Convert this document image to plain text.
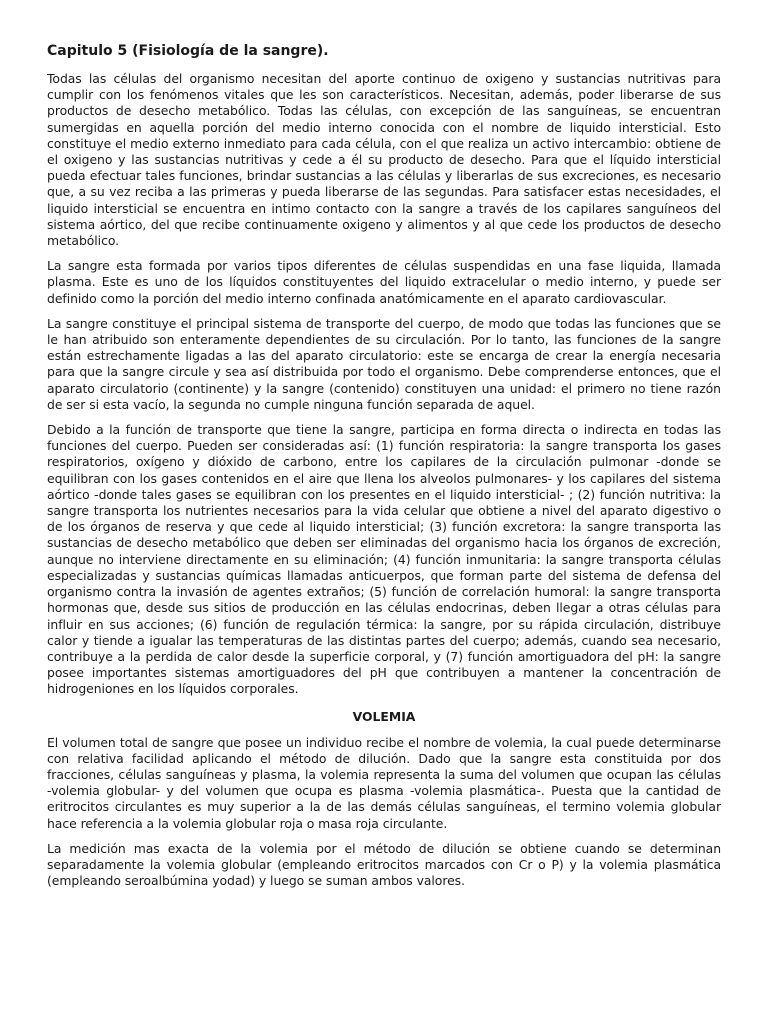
Capitulo 5 (Fisiología de la sangre).

Todas las células del organismo necesitan del aporte continuo de oxigeno y sustancias nutritivas para cumplir con los fenómenos vitales que les son característicos. Necesitan, además, poder liberarse de sus productos de desecho metabólico. Todas las células, con excepción de las sanguíneas, se encuentran sumergidas en aquella porción del medio interno conocida con el nombre de liquido intersticial. Esto constituye el medio externo inmediato para cada célula, con el que realiza un activo intercambio: obtiene de el oxigeno y las sustancias nutritivas y cede a él su producto de desecho. Para que el líquido intersticial pueda efectuar tales funciones, brindar sustancias a las células y liberarlas de sus excreciones, es necesario que, a su vez reciba a las primeras y pueda liberarse de las segundas. Para satisfacer estas necesidades, el liquido intersticial se encuentra en intimo contacto con la sangre a través de los capilares sanguíneos del sistema aórtico, del que recibe continuamente oxigeno y alimentos y al que cede los productos de desecho metabólico.

La sangre esta formada por varios tipos diferentes de células suspendidas en una fase liquida, llamada plasma. Este es uno de los líquidos constituyentes del liquido extracelular o medio interno, y puede ser definido como la porción del medio interno confinada anatómicamente en el aparato cardiovascular.

La sangre constituye el principal sistema de transporte del cuerpo, de modo que todas las funciones que se le han atribuido son enteramente dependientes de su circulación. Por lo tanto, las funciones de la sangre están estrechamente ligadas a las del aparato circulatorio: este se encarga de crear la energía necesaria para que la sangre circule y sea así distribuida por todo el organismo. Debe comprenderse entonces, que el aparato circulatorio (continente) y la sangre (contenido) constituyen una unidad: el primero no tiene razón de ser si esta vacío, la segunda no cumple ninguna función separada de aquel.

Debido a la función de transporte que tiene la sangre, participa en forma directa o indirecta en todas las funciones del cuerpo. Pueden ser consideradas así: (1) función respiratoria: la sangre transporta los gases respiratorios, oxígeno y dióxido de carbono, entre los capilares de la circulación pulmonar -donde se equilibran con los gases contenidos en el aire que llena los alveolos pulmonares- y los capilares del sistema aórtico -donde tales gases se equilibran con los presentes en el liquido intersticial- ; (2) función nutritiva: la sangre transporta los nutrientes necesarios para la vida celular que obtiene a nivel del aparato digestivo o de los órganos de reserva y que cede al liquido intersticial; (3) función excretora: la sangre transporta las sustancias de desecho metabólico que deben ser eliminadas del organismo hacia los órganos de excreción, aunque no interviene directamente en su eliminación; (4) función inmunitaria: la sangre transporta células especializadas y sustancias químicas llamadas anticuerpos, que forman parte del sistema de defensa del organismo contra la invasión de agentes extraños; (5) función de correlación humoral: la sangre transporta hormonas que, desde sus sitios de producción en las células endocrinas, deben llegar a otras células para influir en sus acciones; (6) función de regulación térmica: la sangre, por su rápida circulación, distribuye calor y tiende a igualar las temperaturas de las distintas partes del cuerpo; además, cuando sea necesario, contribuye a la perdida de calor desde la superficie corporal, y (7) función amortiguadora del pH: la sangre posee importantes sistemas amortiguadores del pH que contribuyen a mantener la concentración de hidrogeniones en los líquidos corporales.

VOLEMIA

El volumen total de sangre que posee un individuo recibe el nombre de volemia, la cual puede determinarse con relativa facilidad aplicando el método de dilución. Dado que la sangre esta constituida por dos fracciones, células sanguíneas y plasma, la volemia representa la suma del volumen que ocupan las células -volemia globular- y del volumen que ocupa es plasma -volemia plasmática-. Puesta que la cantidad de eritrocitos circulantes es muy superior a la de las demás células sanguíneas, el termino volemia globular hace referencia a la volemia globular roja o masa roja circulante.

La medición mas exacta de la volemia por el método de dilución se obtiene cuando se determinan separadamente la volemia globular (empleando eritrocitos marcados con Cr o P) y la volemia plasmática (empleando seroalbúmina yodad) y luego se suman ambos valores.
